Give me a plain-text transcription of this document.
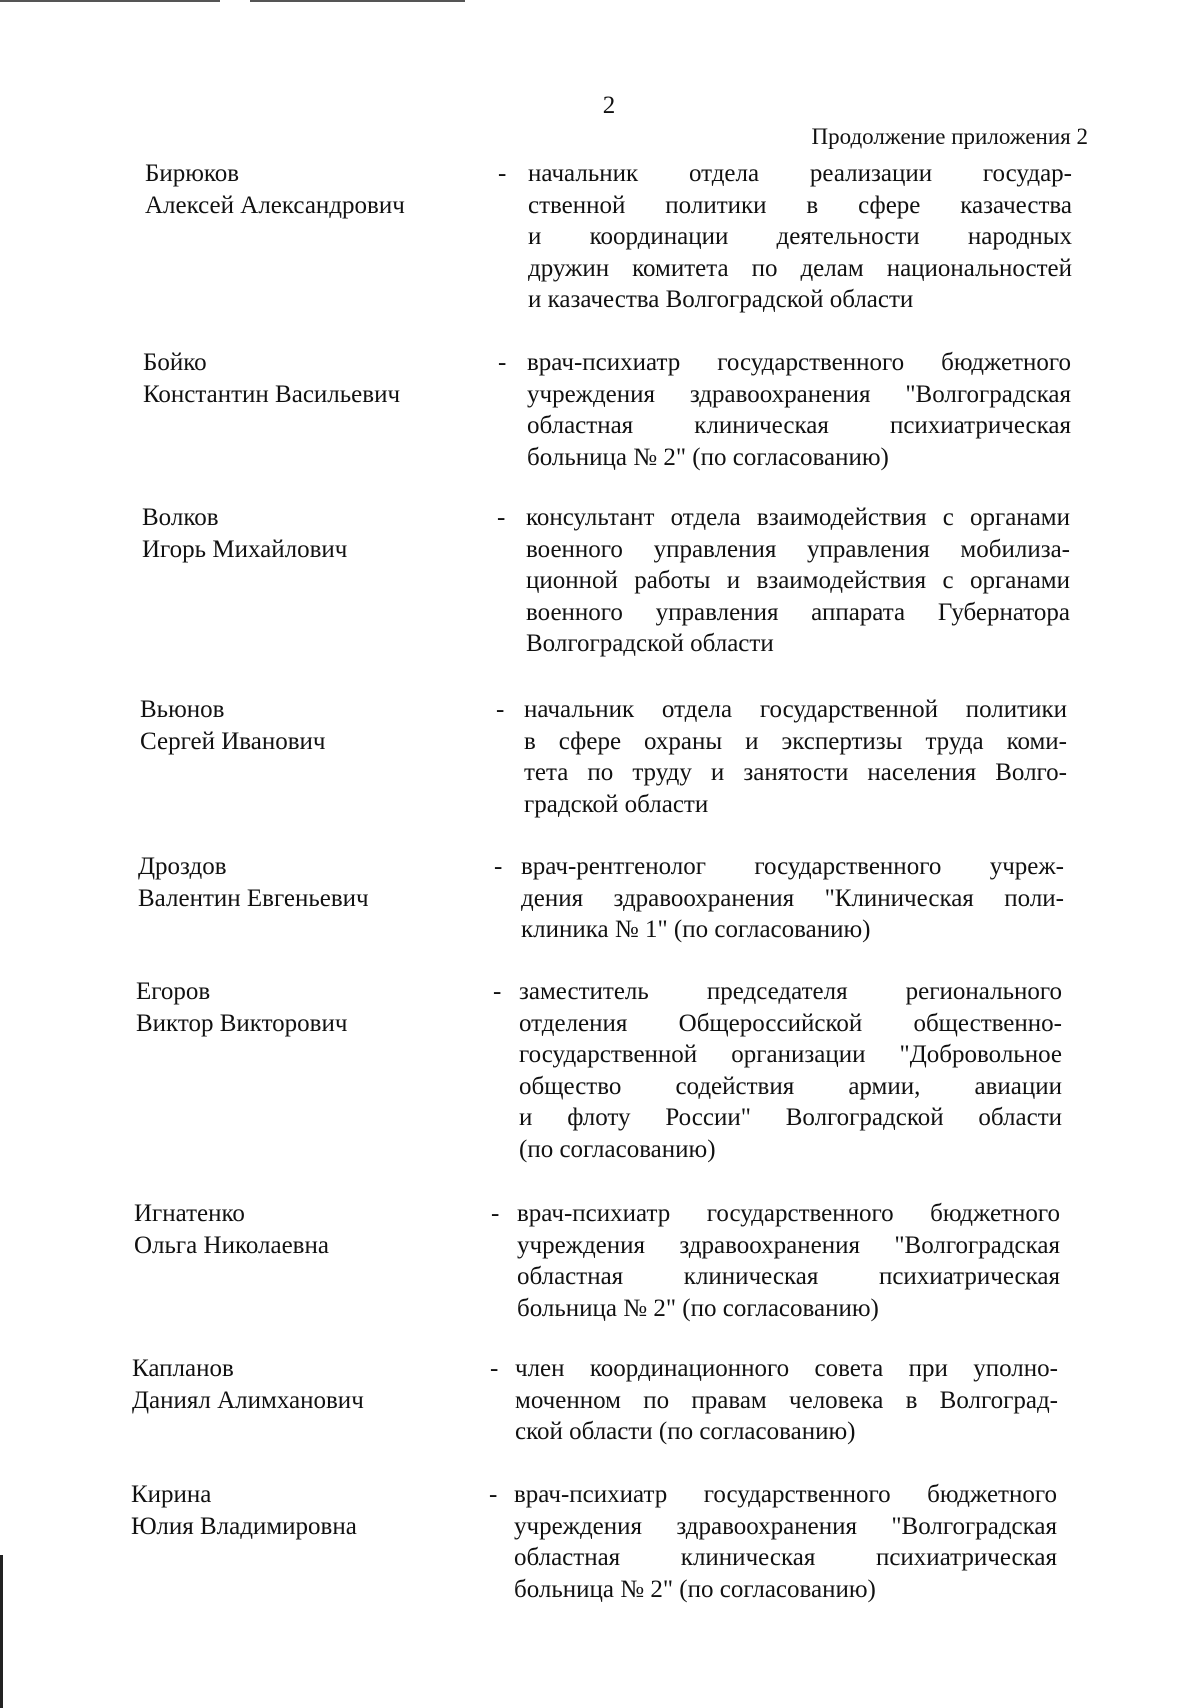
2
Продолжение приложения 2
Бирюков
Алексей Александрович
- начальник отдела реализации государ-
ственной политики в сфере казачества
и координации деятельности народных
дружин комитета по делам национальностей
и казачества Волгоградской области
Бойко
Константин Васильевич
- врач-психиатр государственного бюджетного
учреждения здравоохранения "Волгоградская
областная клиническая психиатрическая
больница № 2" (по согласованию)
Волков
Игорь Михайлович
- консультант отдела взаимодействия с органами
военного управления управления мобилиза-
ционной работы и взаимодействия с органами
военного управления аппарата Губернатора
Волгоградской области
Вьюнов
Сергей Иванович
- начальник отдела государственной политики
в сфере охраны и экспертизы труда коми-
тета по труду и занятости населения Волго-
градской области
Дроздов
Валентин Евгеньевич
- врач-рентгенолог государственного учреж-
дения здравоохранения "Клиническая поли-
клиника № 1" (по согласованию)
Егоров
Виктор Викторович
- заместитель председателя регионального
отделения Общероссийской общественно-
государственной организации "Добровольное
общество содействия армии, авиации
и флоту России" Волгоградской области
(по согласованию)
Игнатенко
Ольга Николаевна
- врач-психиатр государственного бюджетного
учреждения здравоохранения "Волгоградская
областная клиническая психиатрическая
больница № 2" (по согласованию)
Капланов
Даниял Алимханович
- член координационного совета при уполно-
моченном по правам человека в Волгоград-
ской области (по согласованию)
Кирина
Юлия Владимировна
- врач-психиатр государственного бюджетного
учреждения здравоохранения "Волгоградская
областная клиническая психиатрическая
больница № 2" (по согласованию)
